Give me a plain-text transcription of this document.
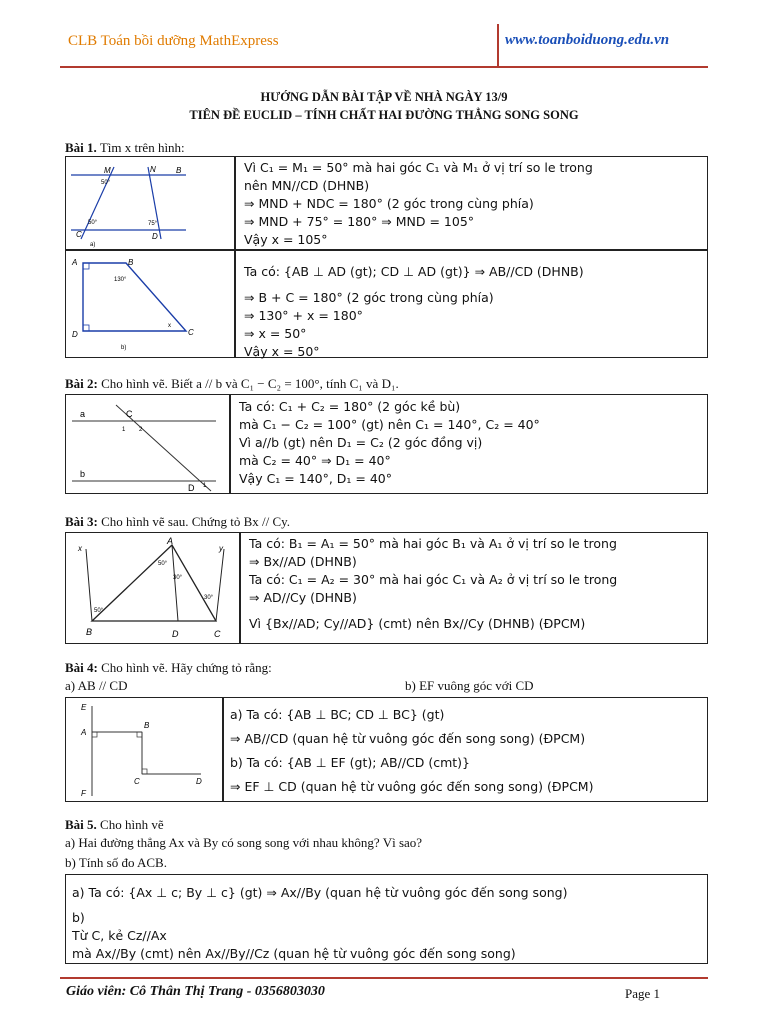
CLB Toán bồi dưỡng MathExpress	www.toanboiduong.edu.vn
HƯỚNG DẪN BÀI TẬP VỀ NHÀ NGÀY 13/9
TIÊN ĐỀ EUCLID – TÍNH CHẤT HAI ĐƯỜNG THẲNG SONG SONG
Bài 1. Tìm x trên hình:
M	N	B
C	D
50°
50°	75°
a)
Vì C₁ = M₁ = 50° mà hai góc C₁ và M₁ ở vị trí so le trong
nên MN//CD (DHNB)
⇒ MND + NDC = 180° (2 góc trong cùng phía)
⇒ MND + 75° = 180° ⇒ MND = 105°
Vậy x = 105°
A	B
D	C
130°
x
b)
Ta có: {AB ⊥ AD (gt); CD ⊥ AD (gt)} ⇒ AB//CD (DHNB)
⇒ B + C = 180° (2 góc trong cùng phía)
⇒ 130° + x = 180°
⇒ x = 50°
Vậy x = 50°
Bài 2: Cho hình vẽ. Biết a // b và C₁ − C₂ = 100°, tính C₁ và D₁.
a
b
C
1 2
D 1
Ta có: C₁ + C₂ = 180° (2 góc kề bù)
mà C₁ − C₂ = 100° (gt) nên C₁ = 140°, C₂ = 40°
Vì a//b (gt) nên D₁ = C₂ (2 góc đồng vị)
mà C₂ = 40° ⇒ D₁ = 40°
Vậy C₁ = 140°, D₁ = 40°
Bài 3: Cho hình vẽ sau. Chứng tỏ Bx // Cy.
x	y
A
B	D	C
50°
30°
50°
30°
Ta có: B₁ = A₁ = 50° mà hai góc B₁ và A₁ ở vị trí so le trong
⇒ Bx//AD (DHNB)
Ta có: C₁ = A₂ = 30° mà hai góc C₁ và A₂ ở vị trí so le trong
⇒ AD//Cy (DHNB)
Vì {Bx//AD; Cy//AD} (cmt) nên Bx//Cy (DHNB) (ĐPCM)
Bài 4: Cho hình vẽ. Hãy chứng tỏ rằng:
a) AB // CD	b) EF vuông góc với CD
E
A
B
C	D
F
a) Ta có: {AB ⊥ BC; CD ⊥ BC} (gt)
⇒ AB//CD (quan hệ từ vuông góc đến song song) (ĐPCM)
b) Ta có: {AB ⊥ EF (gt); AB//CD (cmt)}
⇒ EF ⊥ CD (quan hệ từ vuông góc đến song song) (ĐPCM)
Bài 5. Cho hình vẽ
a) Hai đường thẳng Ax và By có song song với nhau không? Vì sao?
b) Tính số đo ACB.
a) Ta có: {Ax ⊥ c; By ⊥ c} (gt) ⇒ Ax//By (quan hệ từ vuông góc đến song song)
b)
Từ C, kẻ Cz//Ax
mà Ax//By (cmt) nên Ax//By//Cz (quan hệ từ vuông góc đến song song)
Giáo viên: Cô Thân Thị Trang - 0356803030	Page 1
